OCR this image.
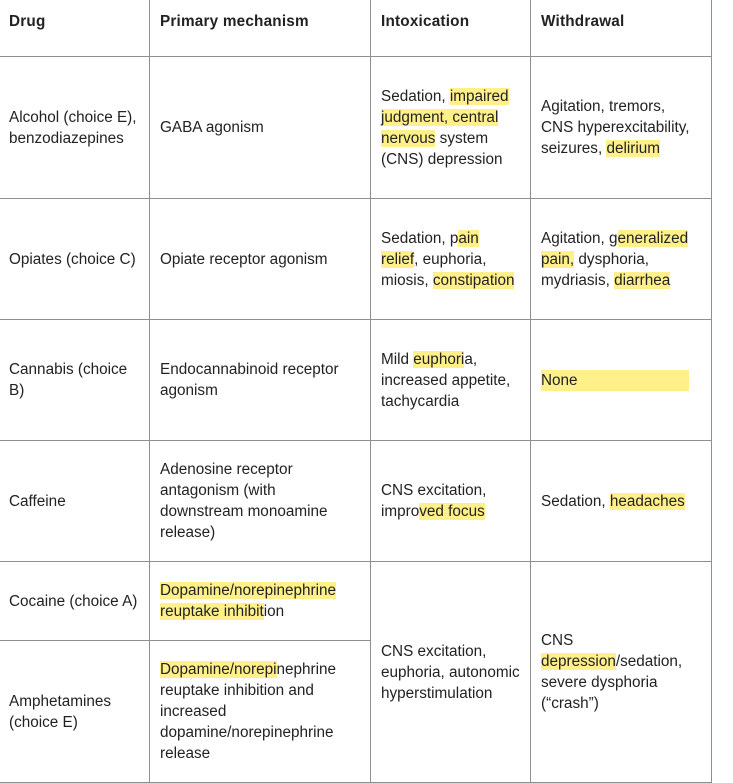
Drug	Primary mechanism	Intoxication	Withdrawal
Alcohol (choice E), benzodiazepines	GABA agonism	Sedation, impaired judgment, central nervous system (CNS) depression	Agitation, tremors, CNS hyperexcitability, seizures, delirium
Opiates (choice C)	Opiate receptor agonism	Sedation, pain relief, euphoria, miosis, constipation	Agitation, generalized pain, dysphoria, mydriasis, diarrhea
Cannabis (choice B)	Endocannabinoid receptor agonism	Mild euphoria, increased appetite, tachycardia	None

Caffeine	Adenosine receptor antagonism (with downstream monoamine release)	CNS excitation, improved focus	Sedation, headaches
Cocaine (choice A)	Dopamine/norepinephrine reuptake inhibition	CNS excitation, euphoria, autonomic hyperstimulation	CNS depression/sedation, severe dysphoria (“crash”)
Amphetamines (choice E)	Dopamine/norepinephrine reuptake inhibition and increased dopamine/norepinephrine release		
